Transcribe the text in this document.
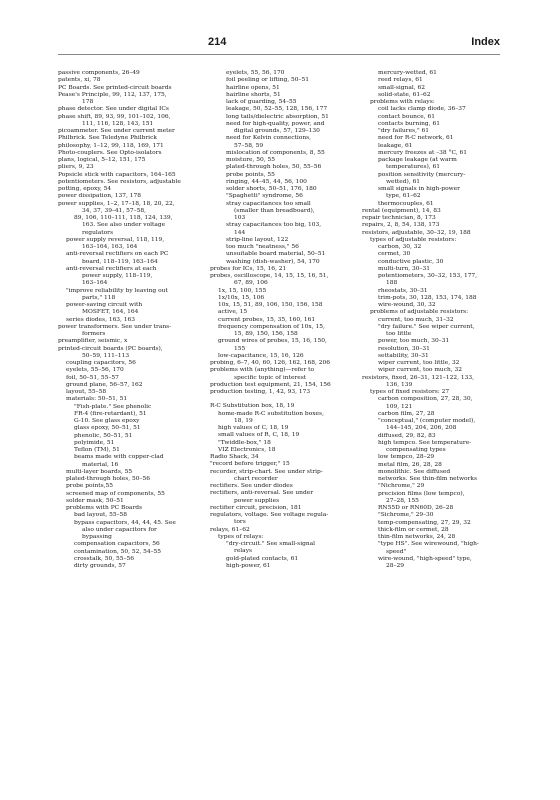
214	Index
passive components, 26–49
patents, xi, 78
PC Boards. See printed-circuit boards
Pease's Principle, 99, 112, 137, 175,
178
phase detector. See under digital ICs
phase shift, 89, 93, 99, 101–102, 106,
111, 116, 128, 143, 151
picoammeter. See under current meter
Philbrick. See Teledyne Philbrick
philosophy, 1–12, 99, 118, 169, 171
Photo-couplers. See Opto-isolators
plans, logical, 5–12, 151, 175
pliers, 9, 23
Popsicle stick with capacitors, 164–165
potentiometers. See resistors, adjustable
potting, epoxy, 54
power dissipation, 137, 178
power supplies, 1–2, 17–18, 18, 20, 22,
34, 37, 39–41, 57–58,
89, 106, 110–111, 118, 124, 139,
163. See also under voltage
regulators
power supply reversal, 118, 119,
163–164, 163, 164
anti-reversal rectifiers on each PC
board, 118–119, 163–164
anti-reversal rectifiers at each
power supply, 118–119,
163–164
"improve reliability by leaving out
parts," 118
power-saving circuit with
MOSFET, 164, 164
series diodes, 163, 163
power transformers. See under trans-
formers
preamplifier, seismic, x
printed-circuit boards (PC boards),
50–59, 111–113
coupling capacitors, 56
eyelets, 55–56, 170
foil, 50–51, 55–57
ground plane, 56–57, 162
layout, 55–58
materials: 50–51, 51
"Fish-plate." See phenolic
FR-4 (fire-retardant), 51
G-10. See glass epoxy
glass epoxy, 50–51, 51
phenolic, 50–51, 51
polyimide, 51
Teflon (TM), 51
beams made with copper-clad
material, 16
multi-layer boards, 55
plated-through holes, 50–56
probe points,55
screened map of components, 55
solder mask, 50–51
problems with PC Boards
bad layout, 55–58
bypass capacitors, 44, 44, 45. See
also under capacitors for
bypassing
compensation capacitors, 56
contamination, 50, 52, 54–55
crosstalk, 50, 55–56
dirty grounds, 57
eyelets, 55, 56, 170
foil peeling or lifting, 50–51
hairline opens, 51
hairline shorts, 51
lack of guarding, 54–55
leakage, 50, 52–55, 128, 156, 177
long tails/dielectric absorption, 51
need for high-quality, power, and
digital grounds, 57, 129–130
need for Kelvin connections,
57–58, 59
mislocation of components, 8, 55
moisture, 50, 55
plated-through holes, 50, 55–56
probe points, 55
ringing, 44–45, 44, 56, 100
solder shorts, 50–51, 176, 180
"Spaghetti" syndrome, 56
stray capacitances too small
(smaller than breadboard),
103
stray capacitances too big, 103,
144
strip-line layout, 122
too much "neatness," 56
unsuitable board material, 50–51
washing (dish-washer), 54, 170
probes for ICs, 15, 16, 21
probes, oscilloscope, 14, 15, 15, 16, 51,
67, 89, 106
1x, 15, 100, 155
1x/10x, 15, 106
10x, 15, 51, 89, 106, 150, 156, 158
active, 15
current probes, 15, 35, 160, 161
frequency compensation of 10x, 15,
15, 89, 150, 156, 158
ground wires of probes, 15, 16, 150,
155
low-capacitance, 15, 16, 126
probing, 6–7, 40, 60, 126, 162, 168, 206
problems with (anything)—refer to
specific topic of interest
production test equipment, 21, 154, 156
production testing, 1, 42, 93, 173
R-C Substitution box, 18, 19
home-made R-C substitution boxes,
18, 19
high values of C, 18, 19
small values of R, C, 18, 19
"Twiddle-box," 18
VIZ Electronics, 18
Radio Shack, 34
"record before trigger," 15
recorder, strip-chart. See under strip-
chart recorder
rectifiers. See under diodes
rectifiers, anti-reversal. See under
power supplies
rectifier circuit, precision, 181
regulators, voltage. See voltage regula-
tors
relays, 61–62
types of relays:
"dry-circuit." See small-signal
relays
gold-plated contacts, 61
high-power, 61
mercury-wetted, 61
reed relays, 61
small-signal, 62
solid-state, 61–62
problems with relays:
coil lacks clamp diode, 36–37
contact bounce, 61
contacts burning, 61
"dry failures," 61
need for R-C network, 61
leakage, 61
mercury freezes at –38 °C, 61
package leakage (at warm
temperatures), 61
position sensitivity (mercury-
wetted), 61
small signals in high-power
type, 61–62
thermocouples, 61
rental (equipment), 14, 83
repair technician, 8, 173
repairs, 2, 8, 54, 138, 173
resistors, adjustable, 30–32, 19, 188
types of adjustable resistors:
carbon, 30, 32
cermet, 30
conductive plastic, 30
multi-turn, 30–31
potentiometers, 30–32, 153, 177,
188
rheostats, 30–31
trim-pots, 30, 128, 153, 174, 188
wire-wound, 30, 32
problems of adjustable resistors:
current, too much, 31–32
"dry failure." See wiper current,
too little
power, too much, 30–31
resolution, 30–31
settability, 30–31
wiper current, too little, 32
wiper current, too much, 32
resistors, fixed, 26–31, 121–122, 133,
136, 139
types of fixed resistors: 27
carbon composition, 27, 28, 30,
109, 121
carbon film, 27, 28
"conceptual," (computer model),
144–145, 204, 206, 208
diffused, 29, 82, 83
high tempco. See temperature-
compensating types
low tempco, 28–29
metal film, 26, 28, 28
monolithic. See diffused
networks. See thin-film networks
"Nichrome," 29
precision films (low tempco),
27–28, 155
RN55D or RN60D, 26–28
"Sichrome," 29–30
temp-compensating, 27, 29, 32
thick-film or cermet, 28
thin-film networks, 24, 28
"type HS". See wirewound, "high-
speed"
wire-wound, "high-speed" type,
28–29
